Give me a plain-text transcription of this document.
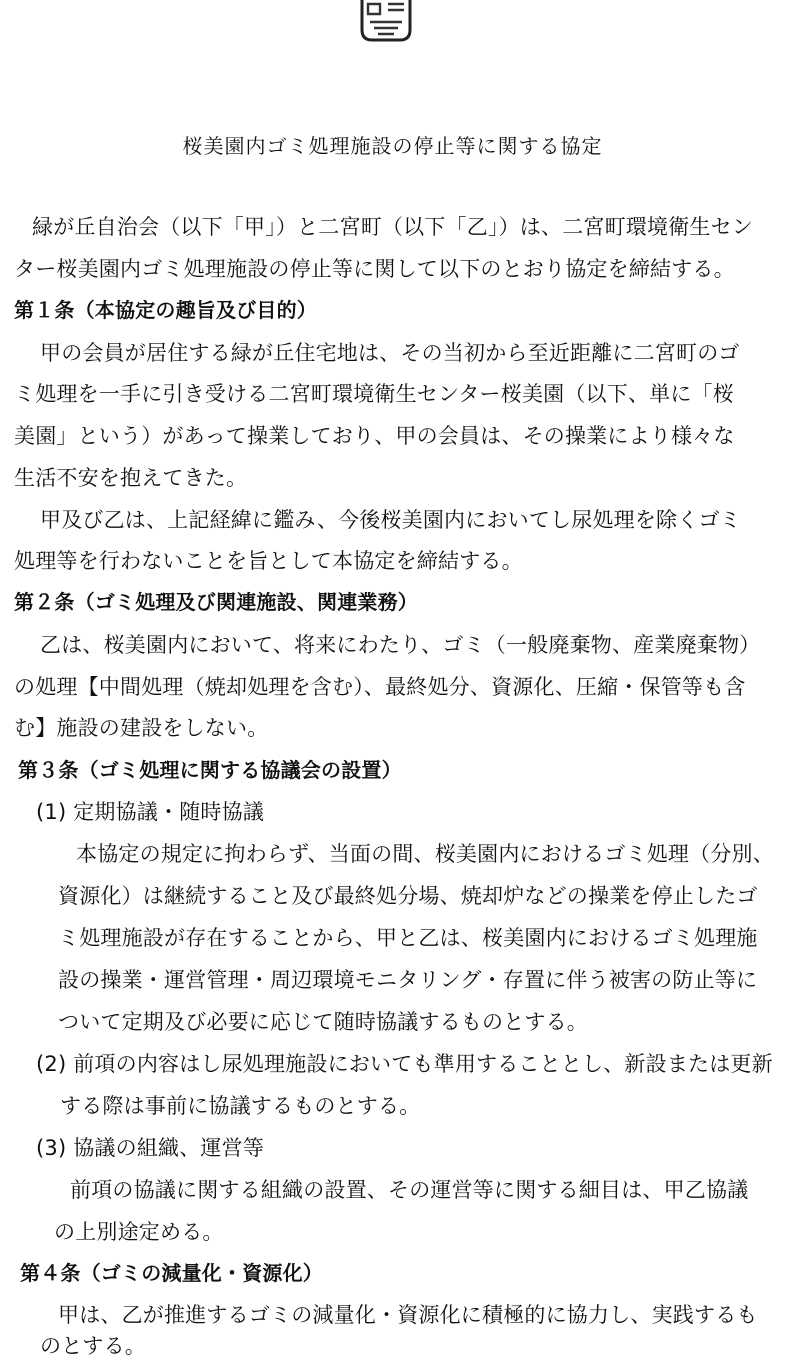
桜美園内ゴミ処理施設の停止等に関する協定
緑が丘自治会（以下「甲」）と二宮町（以下「乙」）は、二宮町環境衛生セン
ター桜美園内ゴミ処理施設の停止等に関して以下のとおり協定を締結する。
第１条（本協定の趣旨及び目的）
甲の会員が居住する緑が丘住宅地は、その当初から至近距離に二宮町のゴ
ミ処理を一手に引き受ける二宮町環境衛生センター桜美園（以下、単に「桜
美園」という）があって操業しており、甲の会員は、その操業により様々な
生活不安を抱えてきた。
甲及び乙は、上記経緯に鑑み、今後桜美園内においてし尿処理を除くゴミ
処理等を行わないことを旨として本協定を締結する。
第２条（ゴミ処理及び関連施設、関連業務）
乙は、桜美園内において、将来にわたり、ゴミ（一般廃棄物、産業廃棄物）
の処理【中間処理（焼却処理を含む）、最終処分、資源化、圧縮・保管等も含
む】施設の建設をしない。
第３条（ゴミ処理に関する協議会の設置）
(1) 定期協議・随時協議
本協定の規定に拘わらず、当面の間、桜美園内におけるゴミ処理（分別、
資源化）は継続すること及び最終処分場、焼却炉などの操業を停止したゴ
ミ処理施設が存在することから、甲と乙は、桜美園内におけるゴミ処理施
設の操業・運営管理・周辺環境モニタリング・存置に伴う被害の防止等に
ついて定期及び必要に応じて随時協議するものとする。
(2) 前項の内容はし尿処理施設においても準用することとし、新設または更新
する際は事前に協議するものとする。
(3) 協議の組織、運営等
前項の協議に関する組織の設置、その運営等に関する細目は、甲乙協議
の上別途定める。
第４条（ゴミの減量化・資源化）
甲は、乙が推進するゴミの減量化・資源化に積極的に協力し、実践するも
のとする。
